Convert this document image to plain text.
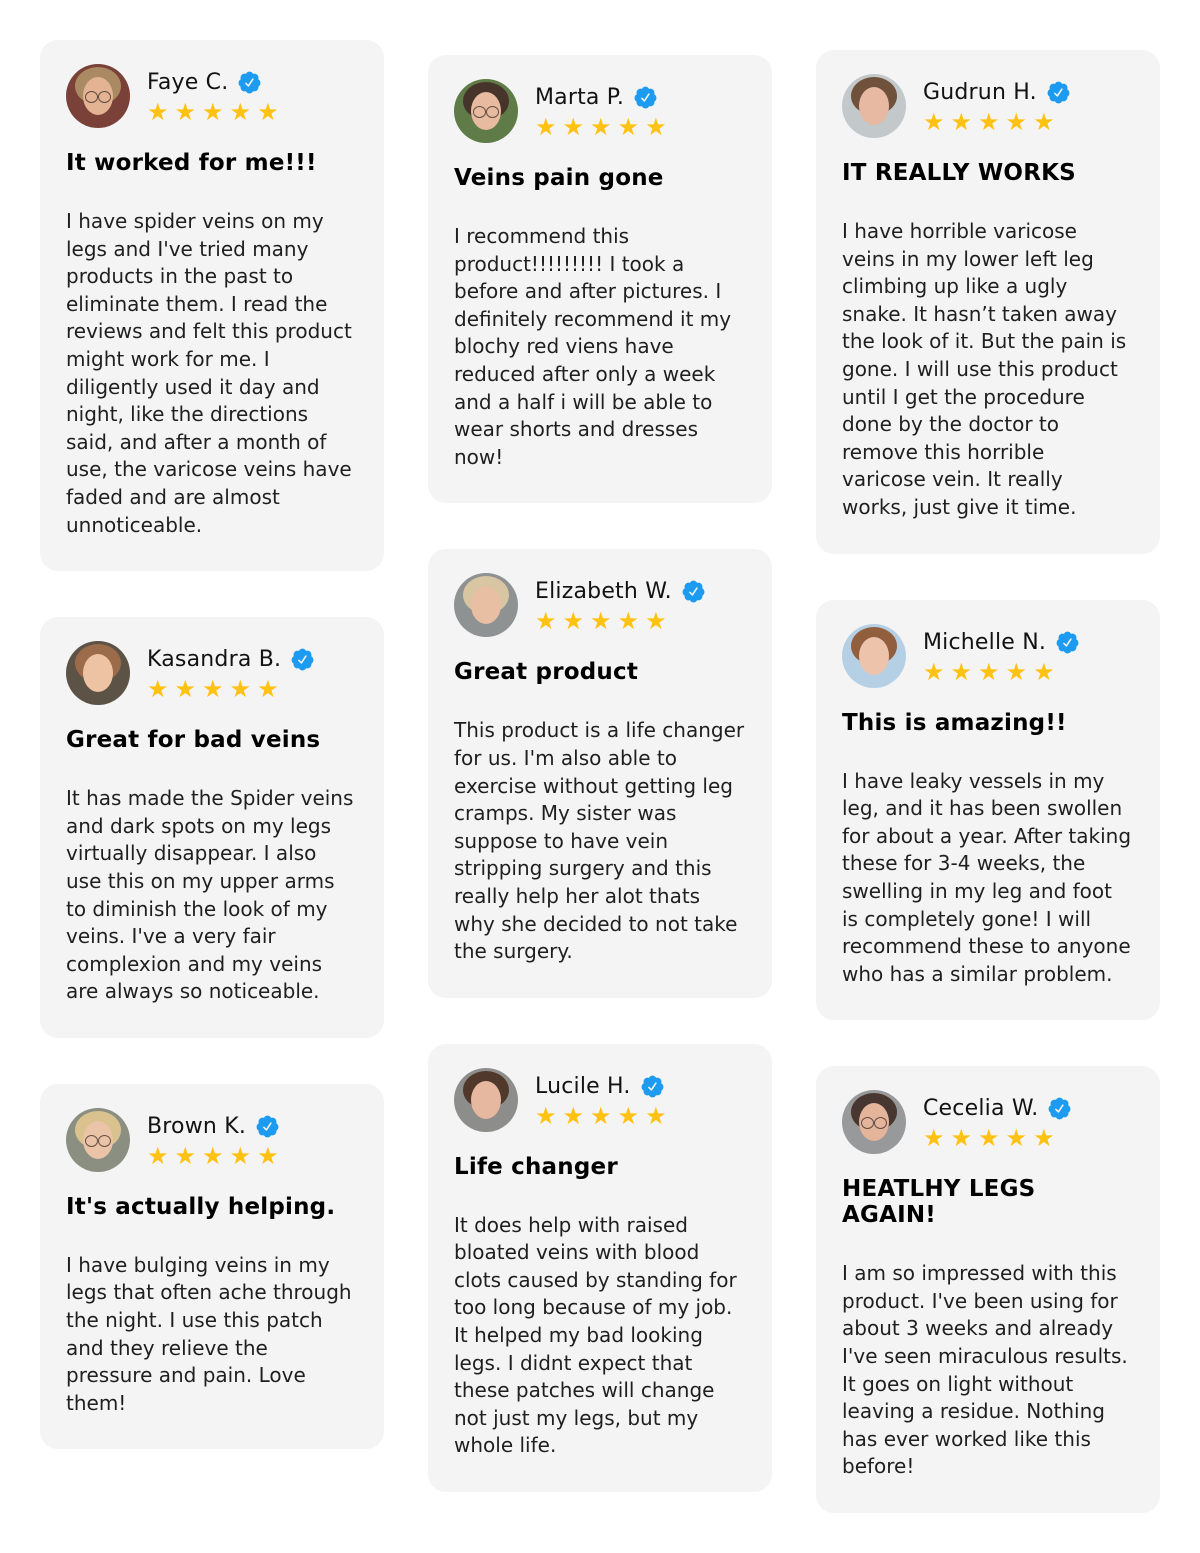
Faye C.
★★★★★
It worked for me!!!

I have spider veins on my legs and I've tried many products in the past to eliminate them. I read the reviews and felt this product might work for me. I diligently used it day and night, like the directions said, and after a month of use, the varicose veins have faded and are almost unnoticeable.

Kasandra B.
★★★★★
Great for bad veins

It has made the Spider veins and dark spots on my legs virtually disappear. I also use this on my upper arms to diminish the look of my veins. I've a very fair complexion and my veins are always so noticeable.

Brown K.
★★★★★
It's actually helping.

I have bulging veins in my legs that often ache through the night. I use this patch and they relieve the pressure and pain. Love them!

Marta P.
★★★★★
Veins pain gone

I recommend this product!!!!!!!!! I took a before and after pictures. I definitely recommend it my blochy red viens have reduced after only a week and a half i will be able to wear shorts and dresses now!

Elizabeth W.
★★★★★
Great product

This product is a life changer for us. I'm also able to exercise without getting leg cramps. My sister was suppose to have vein stripping surgery and this really help her alot thats why she decided to not take the surgery.

Lucile H.
★★★★★
Life changer

It does help with raised bloated veins with blood clots caused by standing for too long because of my job. It helped my bad looking legs. I didnt expect that these patches will change not just my legs, but my whole life.

Gudrun H.
★★★★★
IT REALLY WORKS

I have horrible varicose veins in my lower left leg climbing up like a ugly snake. It hasn’t taken away the look of it. But the pain is gone. I will use this product until I get the procedure done by the doctor to remove this horrible varicose vein. It really works, just give it time.

Michelle N.
★★★★★
This is amazing!!

I have leaky vessels in my leg, and it has been swollen for about a year. After taking these for 3-4 weeks, the swelling in my leg and foot is completely gone! I will recommend these to anyone who has a similar problem.

Cecelia W.
★★★★★
HEATLHY LEGS AGAIN!

I am so impressed with this product. I've been using for about 3 weeks and already I've seen miraculous results. It goes on light without leaving a residue. Nothing has ever worked like this before!
